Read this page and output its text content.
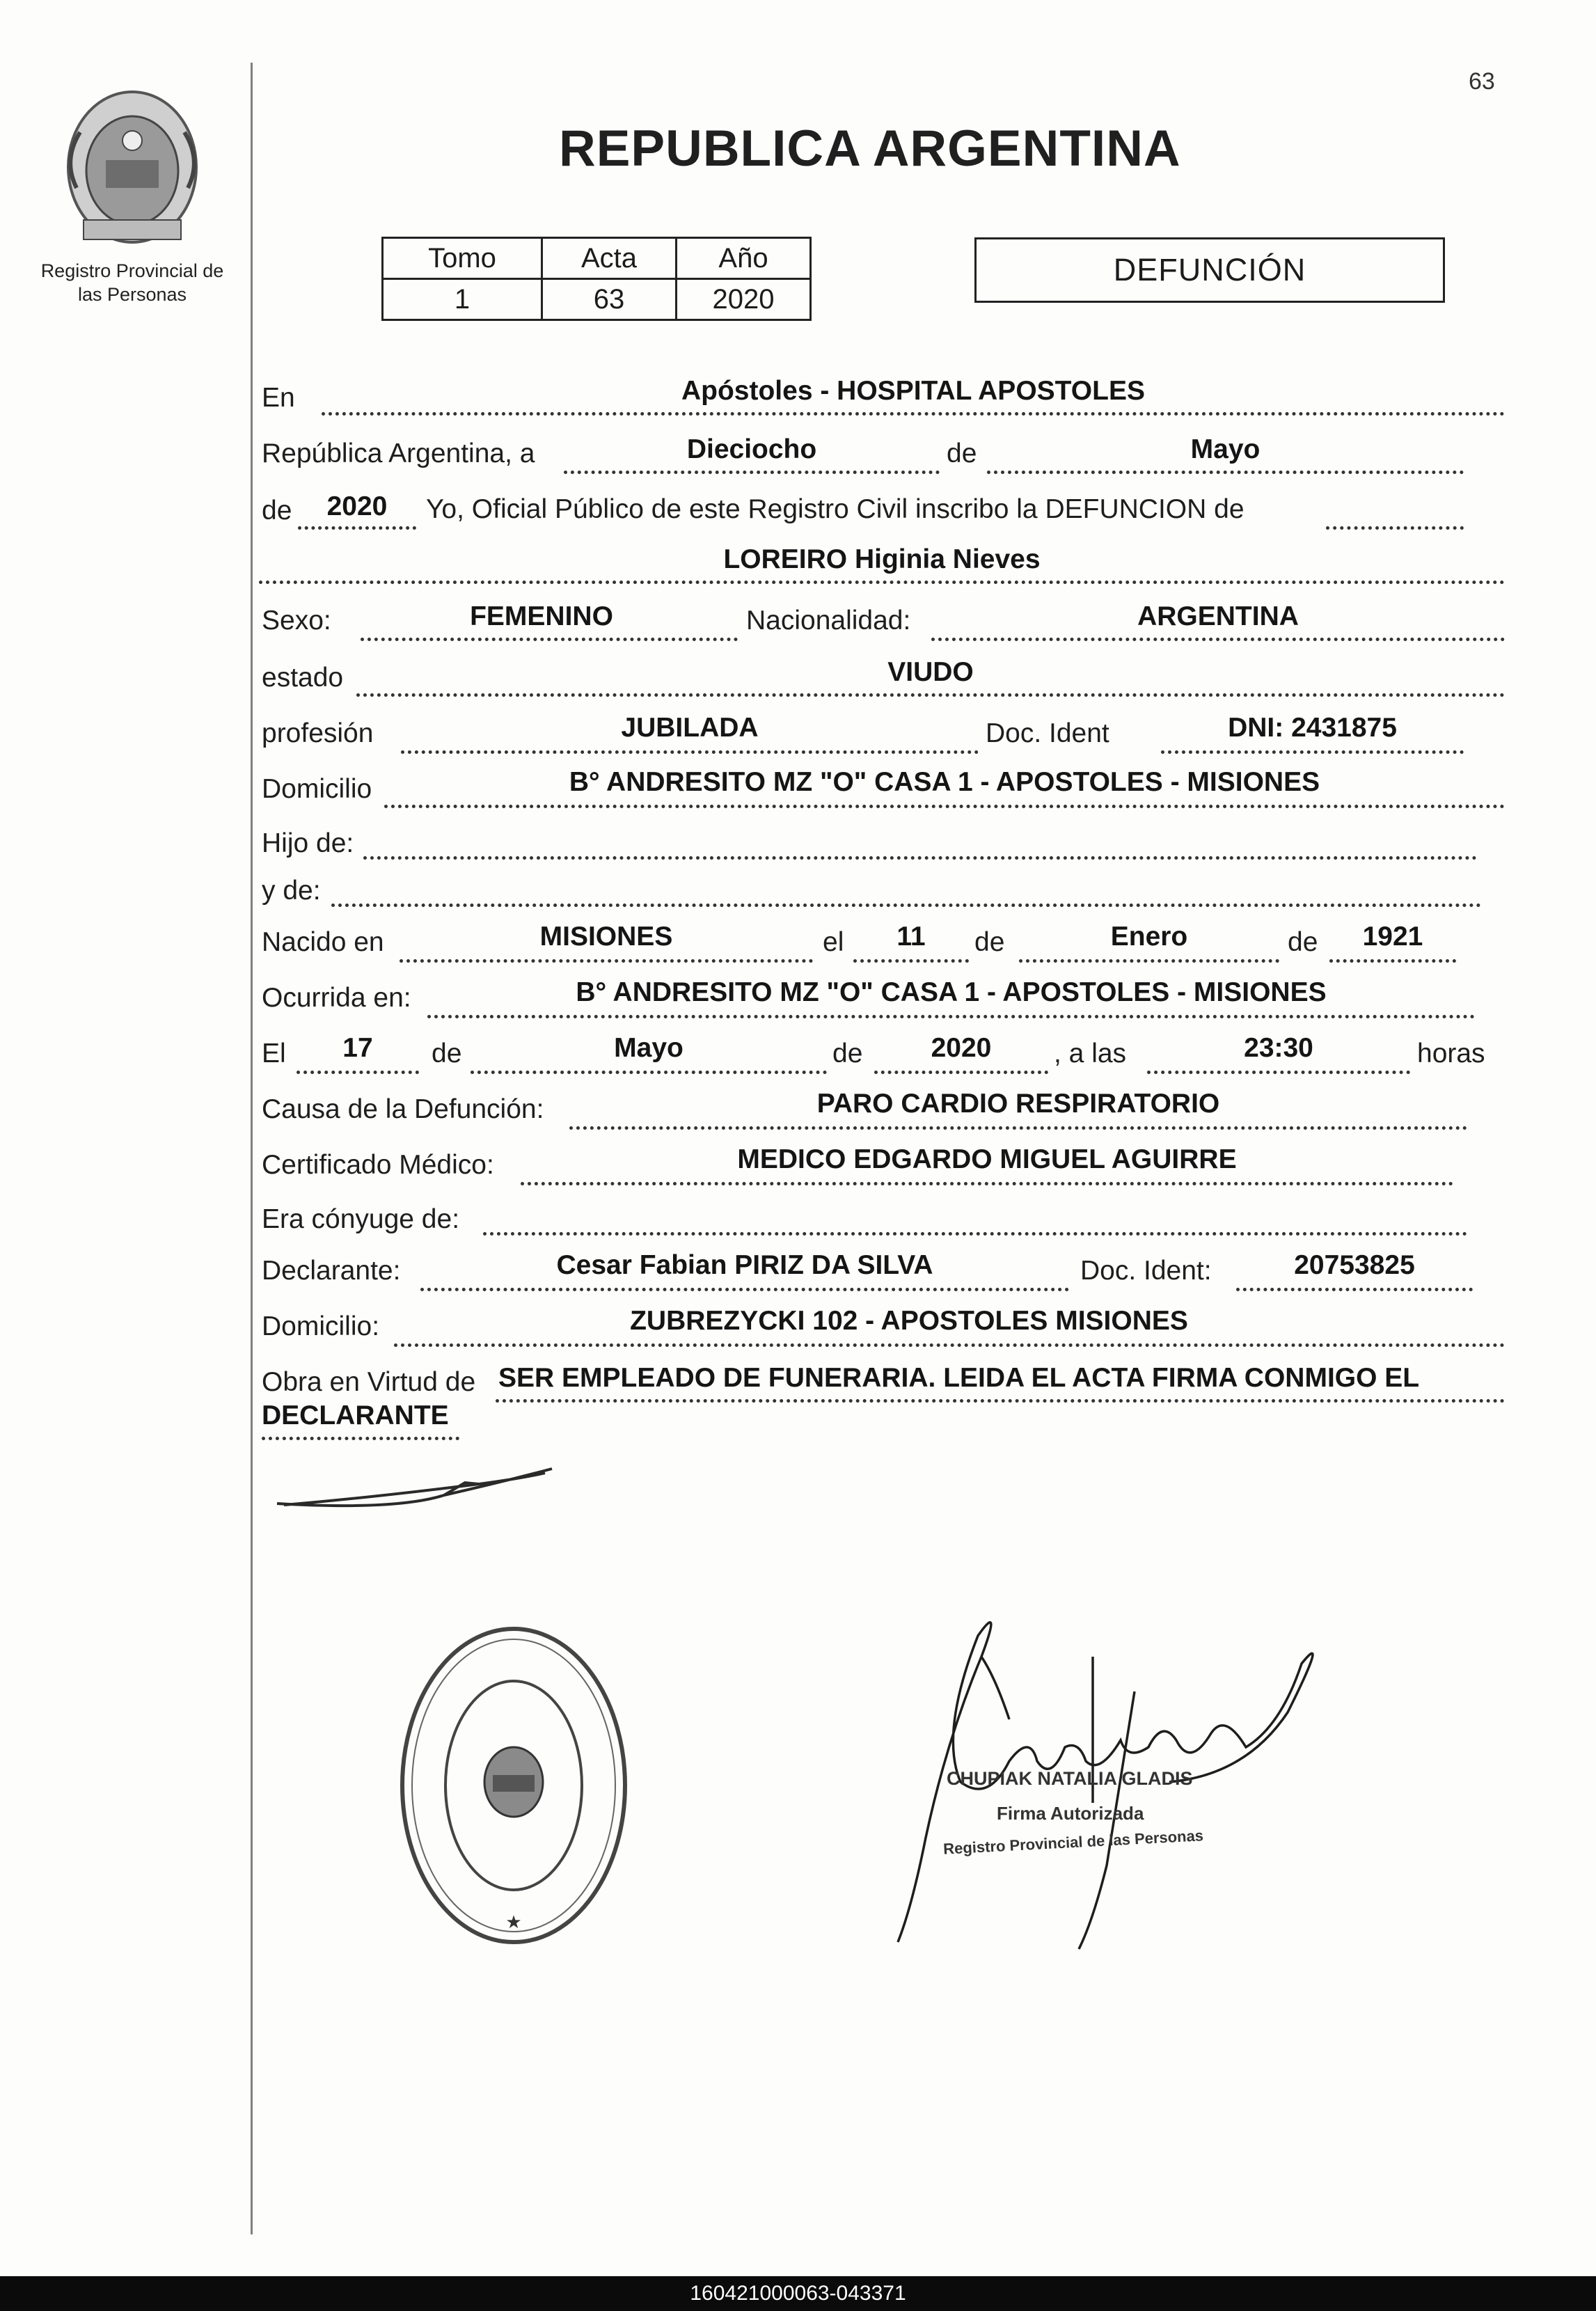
63
Registro Provincial de
las Personas
REPUBLICA ARGENTINA
Tomo	Acta	Año
1	63	2020
DEFUNCIÓN
En	Apóstoles - HOSPITAL APOSTOLES
República Argentina, a	Dieciocho	de	Mayo
de	2020	Yo, Oficial Público de este Registro Civil inscribo la DEFUNCION de
LOREIRO Higinia Nieves
Sexo:	FEMENINO	Nacionalidad:	ARGENTINA
estado	VIUDO
profesión	JUBILADA	Doc. Ident	DNI: 2431875
Domicilio	B° ANDRESITO MZ "O" CASA 1 - APOSTOLES - MISIONES
Hijo de:
y de:
Nacido en	MISIONES	el	11	de	Enero	de	1921
Ocurrida en:	B° ANDRESITO MZ "O" CASA 1 - APOSTOLES - MISIONES
El	17	de	Mayo	de	2020	, a las	23:30	horas
Causa de la Defunción:	PARO CARDIO RESPIRATORIO
Certificado Médico:	MEDICO EDGARDO MIGUEL AGUIRRE
Era cónyuge de:
Declarante:	Cesar Fabian PIRIZ DA SILVA	Doc. Ident:	20753825
Domicilio:	ZUBREZYCKI 102 - APOSTOLES MISIONES
Obra en Virtud de SER EMPLEADO DE FUNERARIA. LEIDA EL ACTA FIRMA CONMIGO EL
DECLARANTE
★
CHUPIAK NATALIA GLADIS
Firma Autorizada
Registro Provincial de las Personas
160421000063-043371
